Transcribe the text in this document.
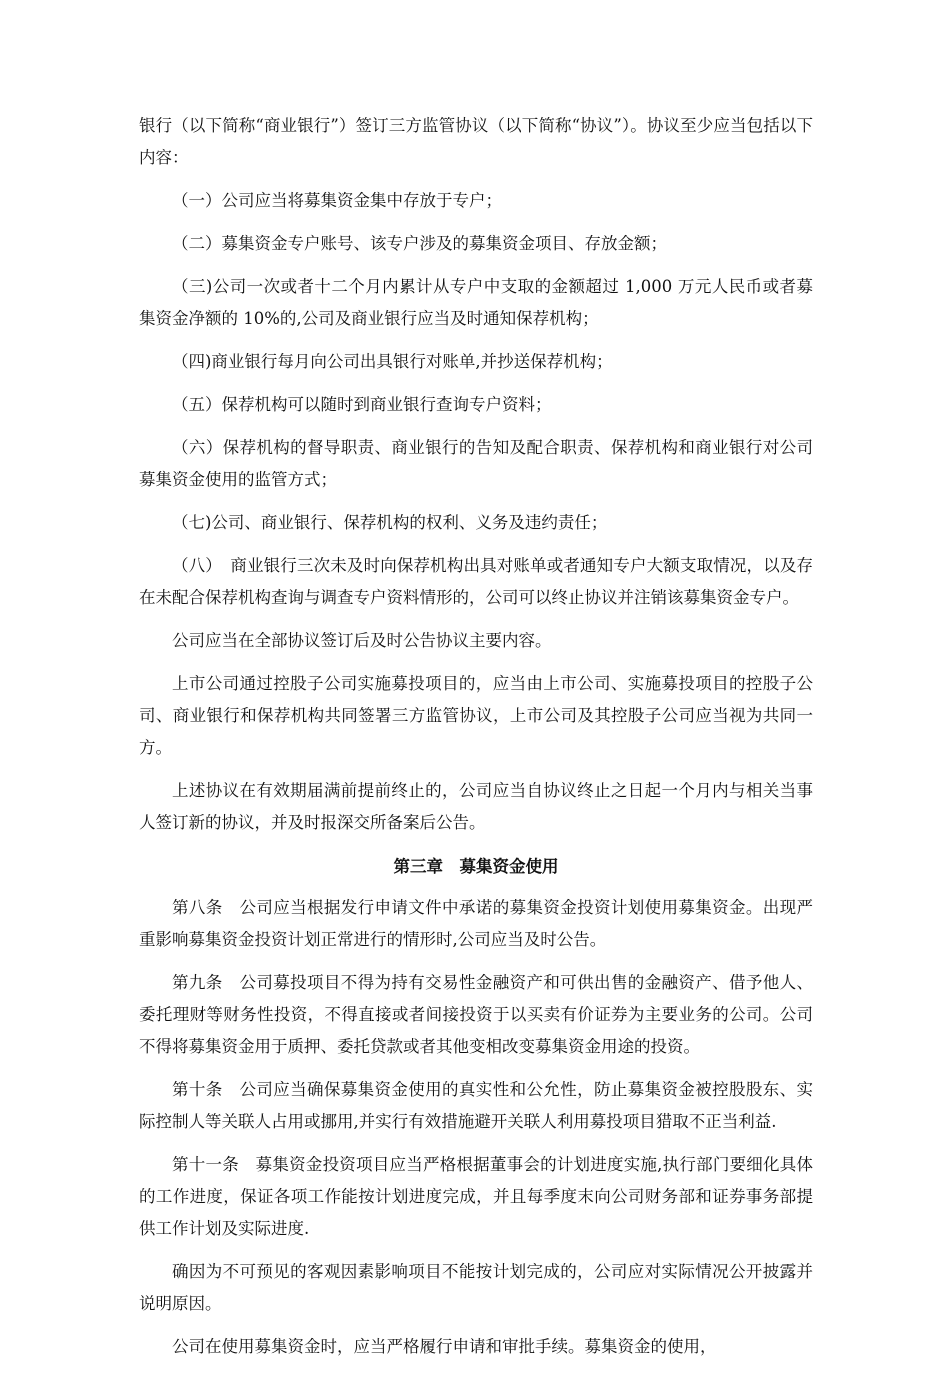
银行（以下简称“商业银行”）签订三方监管协议（以下简称“协议”）。协议至少应当包括以下内容：

（一）公司应当将募集资金集中存放于专户；

（二）募集资金专户账号、该专户涉及的募集资金项目、存放金额；

（三)公司一次或者十二个月内累计从专户中支取的金额超过 1,000 万元人民币或者募集资金净额的 10%的,公司及商业银行应当及时通知保荐机构；

（四)商业银行每月向公司出具银行对账单,并抄送保荐机构；

（五）保荐机构可以随时到商业银行查询专户资料；

（六）保荐机构的督导职责、商业银行的告知及配合职责、保荐机构和商业银行对公司募集资金使用的监管方式；

（七)公司、商业银行、保荐机构的权利、义务及违约责任；

（八）　商业银行三次未及时向保荐机构出具对账单或者通知专户大额支取情况，以及存在未配合保荐机构查询与调查专户资料情形的，公司可以终止协议并注销该募集资金专户。

公司应当在全部协议签订后及时公告协议主要内容。

上市公司通过控股子公司实施募投项目的，应当由上市公司、实施募投项目的控股子公司、商业银行和保荐机构共同签署三方监管协议，上市公司及其控股子公司应当视为共同一方。

上述协议在有效期届满前提前终止的，公司应当自协议终止之日起一个月内与相关当事人签订新的协议，并及时报深交所备案后公告。

第三章　募集资金使用

第八条　公司应当根据发行申请文件中承诺的募集资金投资计划使用募集资金。出现严重影响募集资金投资计划正常进行的情形时,公司应当及时公告。

第九条　公司募投项目不得为持有交易性金融资产和可供出售的金融资产、借予他人、委托理财等财务性投资，不得直接或者间接投资于以买卖有价证券为主要业务的公司。公司不得将募集资金用于质押、委托贷款或者其他变相改变募集资金用途的投资。

第十条　公司应当确保募集资金使用的真实性和公允性，防止募集资金被控股股东、实际控制人等关联人占用或挪用,并实行有效措施避开关联人利用募投项目猎取不正当利益.

第十一条　募集资金投资项目应当严格根据董事会的计划进度实施,执行部门要细化具体的工作进度，保证各项工作能按计划进度完成，并且每季度末向公司财务部和证券事务部提供工作计划及实际进度.

确因为不可预见的客观因素影响项目不能按计划完成的，公司应对实际情况公开披露并说明原因。

公司在使用募集资金时，应当严格履行申请和审批手续。募集资金的使用，
